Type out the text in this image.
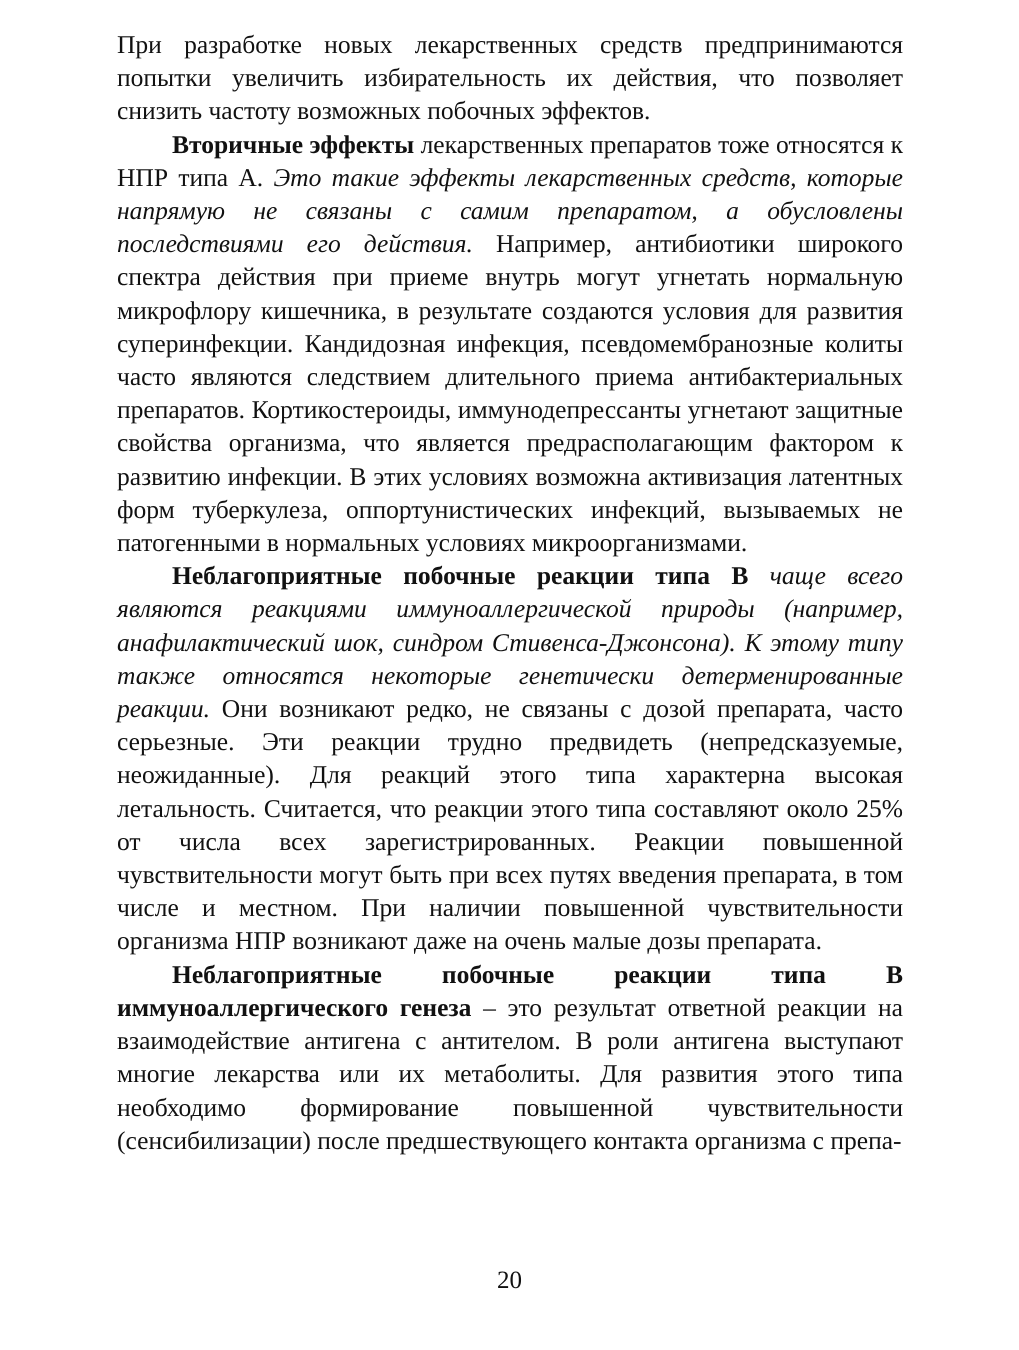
При разработке новых лекарственных средств предпринимаются попытки увеличить избирательность их действия, что позволяет снизить частоту возможных побочных эффектов.

Вторичные эффекты лекарственных препаратов тоже относятся к НПР типа А. Это такие эффекты лекарственных средств, которые напрямую не связаны с самим препаратом, а обусловлены последствиями его действия. Например, антибиотики широкого спектра действия при приеме внутрь могут угнетать нормальную микрофлору кишечника, в результате создаются условия для развития суперинфекции. Кандидозная инфекция, псевдомембранозные колиты часто являются следствием длительного приема антибактериальных препаратов. Кортикостероиды, иммунодепрессанты угнетают защитные свойства организма, что является предрасполагающим фактором к развитию инфекции. В этих условиях возможна активизация латентных форм туберкулеза, оппортунистических инфекций, вызываемых не патогенными в нормальных условиях микроорганизмами.

Неблагоприятные побочные реакции типа В чаще всего являются реакциями иммуноаллергической природы (например, анафилактический шок, синдром Стивенса-Джонсона). К этому типу также относятся некоторые генетически детерменированные реакции. Они возникают редко, не связаны с дозой препарата, часто серьезные. Эти реакции трудно предвидеть (непредсказуемые, неожиданные). Для реакций этого типа характерна высокая летальность. Считается, что реакции этого типа составляют около 25% от числа всех зарегистрированных. Реакции повышенной чувствительности могут быть при всех путях введения препарата, в том числе и местном. При наличии повышенной чувствительности организма НПР возникают даже на очень малые дозы препарата.

Неблагоприятные побочные реакции типа В иммуноаллергического генеза – это результат ответной реакции на взаимодействие антигена с антителом. В роли антигена выступают многие лекарства или их метаболиты. Для развития этого типа необходимо формирование повышенной чувствительности (сенсибилизации) после предшествующего контакта организма с препа-

20
